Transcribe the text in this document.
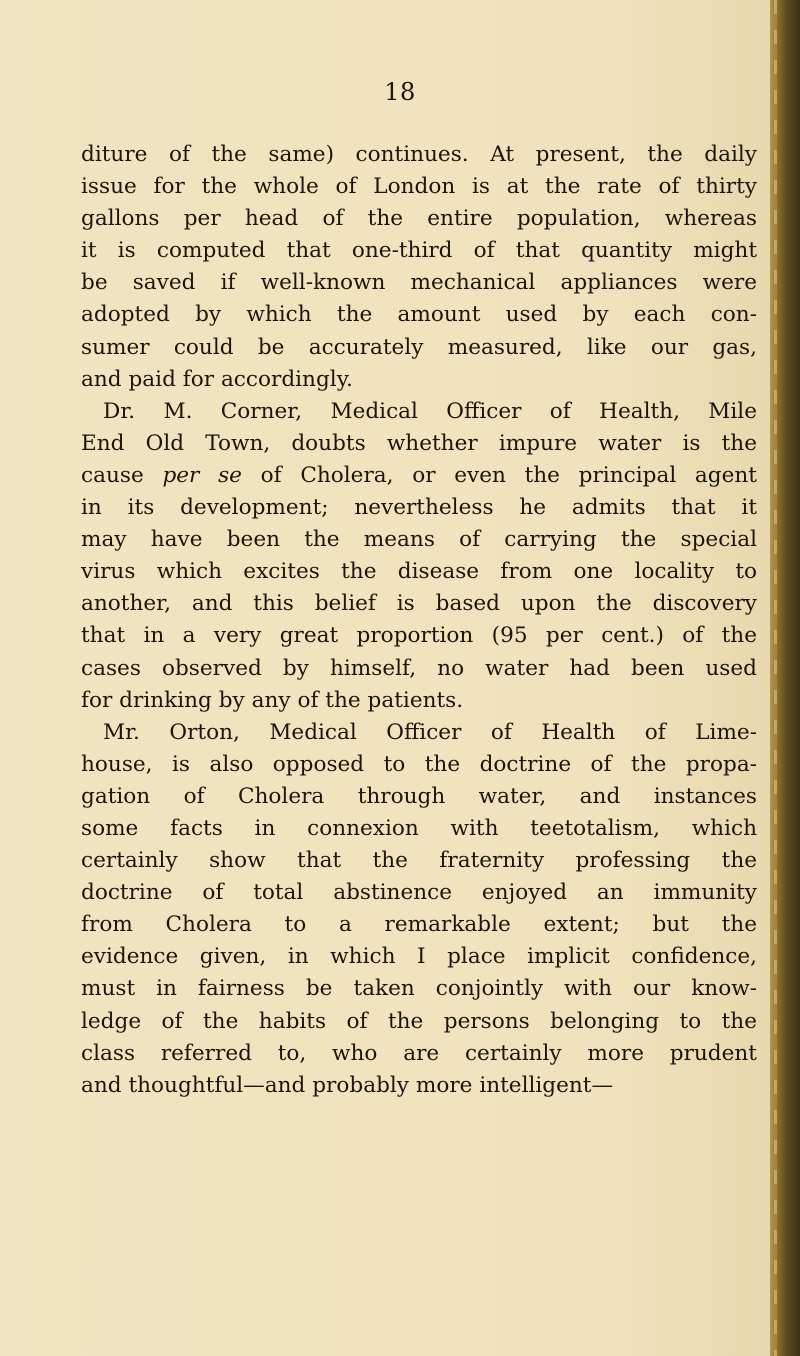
18
diture of the same) continues. At present, the daily
issue for the whole of London is at the rate of thirty
gallons per head of the entire population, whereas
it is computed that one-third of that quantity might
be saved if well-known mechanical appliances were
adopted by which the amount used by each con-
sumer could be accurately measured, like our gas,
and paid for accordingly.
Dr. M. Corner, Medical Officer of Health, Mile
End Old Town, doubts whether impure water is the
cause per se of Cholera, or even the principal agent
in its development; nevertheless he admits that it
may have been the means of carrying the special
virus which excites the disease from one locality to
another, and this belief is based upon the discovery
that in a very great proportion (95 per cent.) of the
cases observed by himself, no water had been used
for drinking by any of the patients.
Mr. Orton, Medical Officer of Health of Lime-
house, is also opposed to the doctrine of the propa-
gation of Cholera through water, and instances
some facts in connexion with teetotalism, which
certainly show that the fraternity professing the
doctrine of total abstinence enjoyed an immunity
from Cholera to a remarkable extent; but the
evidence given, in which I place implicit confidence,
must in fairness be taken conjointly with our know-
ledge of the habits of the persons belonging to the
class referred to, who are certainly more prudent
and thoughtful—and probably more intelligent—
